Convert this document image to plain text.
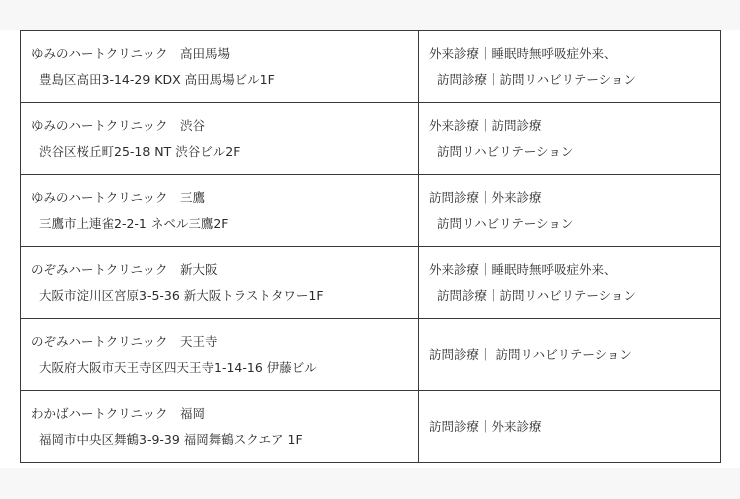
ゆみのハートクリニック　高田馬場
豊島区高田3-14-29 KDX 高田馬場ビル1F	外来診療｜睡眠時無呼吸症外来、
訪問診療｜訪問リハビリテーション

ゆみのハートクリニック　渋谷
渋谷区桜丘町25-18 NT 渋谷ビル2F	外来診療｜訪問診療
訪問リハビリテーション

ゆみのハートクリニック　三鷹
三鷹市上連雀2-2-1 ネベル三鷹2F	訪問診療｜外来診療
訪問リハビリテーション

のぞみハートクリニック　新大阪
大阪市淀川区宮原3-5-36 新大阪トラストタワー1F	外来診療｜睡眠時無呼吸症外来、
訪問診療｜訪問リハビリテーション

のぞみハートクリニック　天王寺
大阪府大阪市天王寺区四天王寺1-14-16 伊藤ビル	訪問診療｜ 訪問リハビリテーション

わかばハートクリニック　福岡
福岡市中央区舞鶴3-9-39 福岡舞鶴スクエア 1F	訪問診療｜外来診療
